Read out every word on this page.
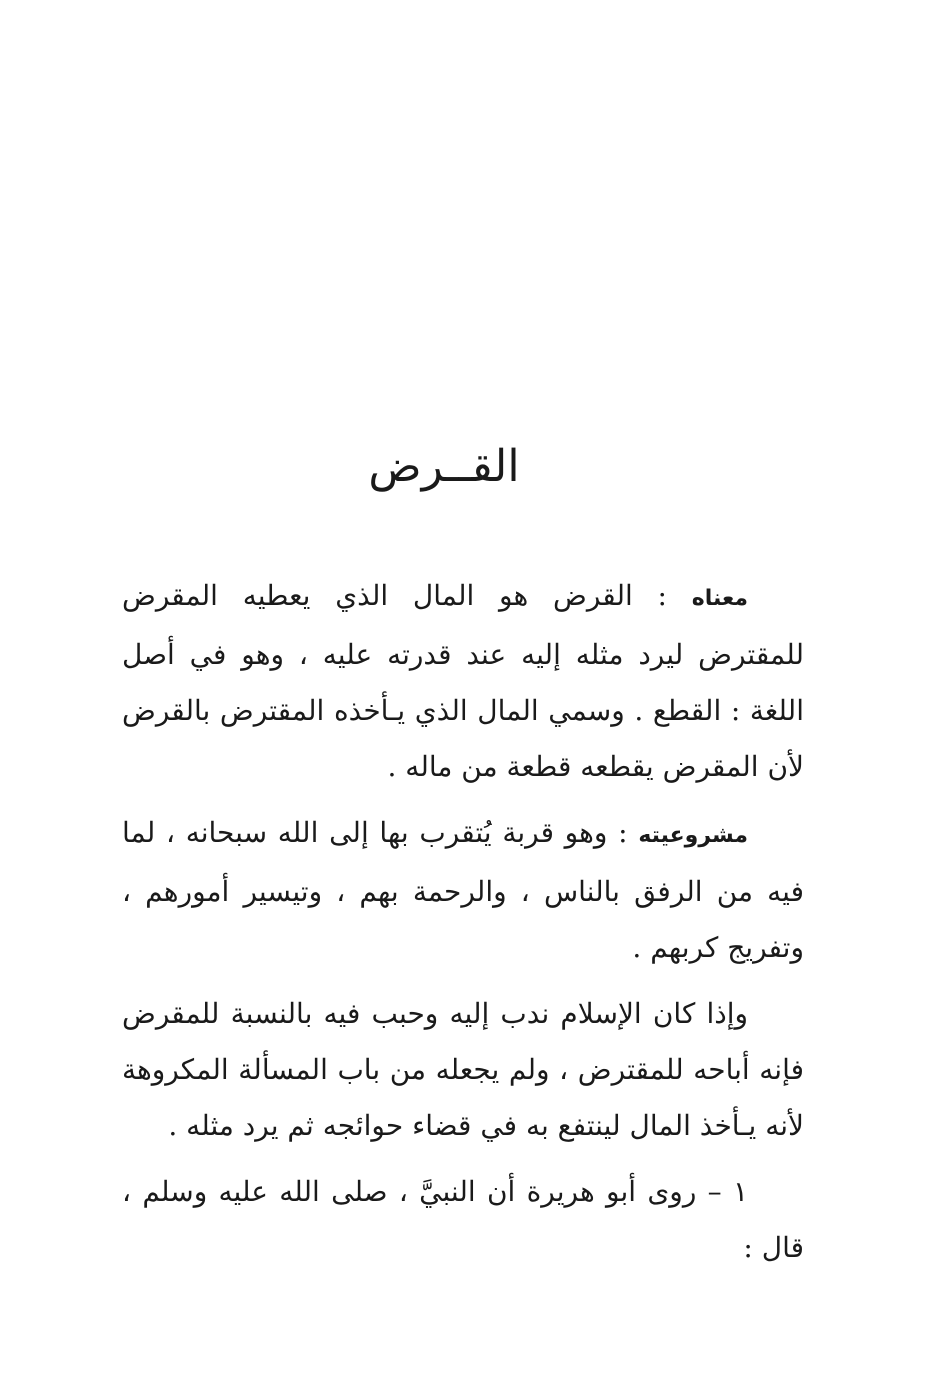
القــرض

معناه : القرض هو المال الذي يعطيه المقرض للمقترض ليرد مثله إليه عند قدرته عليه ، وهو في أصل اللغة : القطع . وسمي المال الذي يـأخذه المقترض بالقرض لأن المقرض يقطعه قطعة من ماله .

مشروعيته : وهو قربة يُتقرب بها إلى الله سبحانه ، لما فيه من الرفق بالناس ، والرحمة بهم ، وتيسير أمورهم ، وتفريج كربهم .

وإذا كان الإسلام ندب إليه وحبب فيه بالنسبة للمقرض فإنه أباحه للمقترض ، ولم يجعله من باب المسألة المكروهة لأنه يـأخذ المال لينتفع به في قضاء حوائجه ثم يرد مثله .

١ – روى أبو هريرة أن النبيَّ ، صلى الله عليه وسلم ، قال :
